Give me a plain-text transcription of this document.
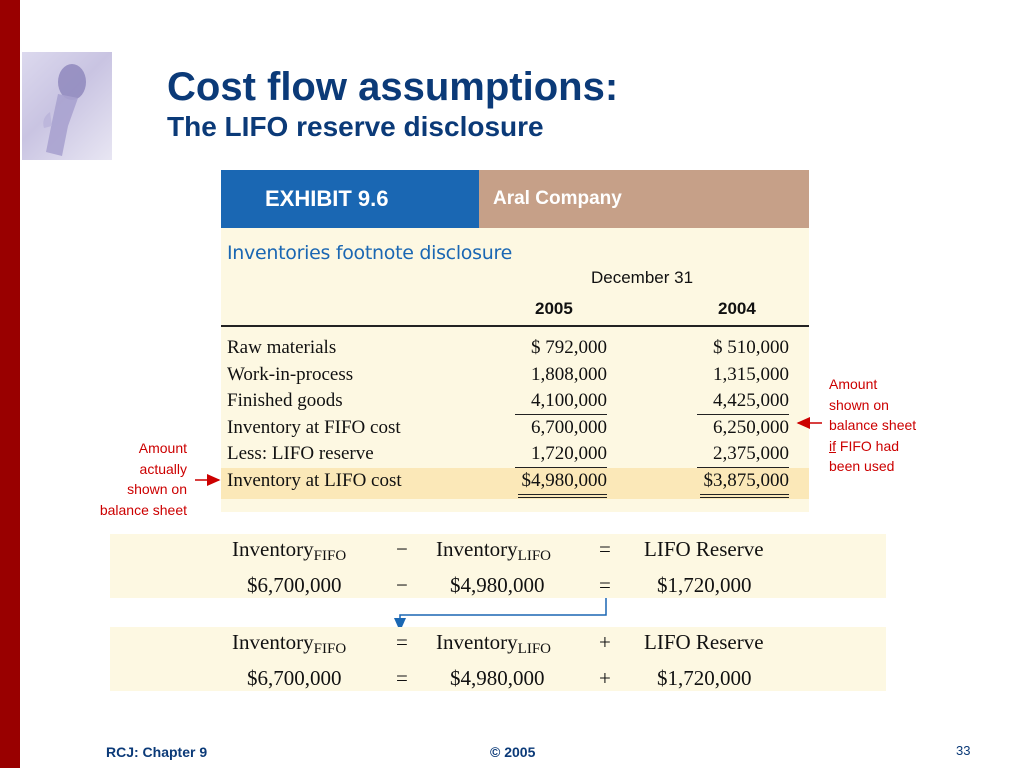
Cost flow assumptions:
The LIFO reserve disclosure
EXHIBIT 9.6	Aral Company
Inventories footnote disclosure
December 31
2005	2004
Raw materials	$ 792,000	$ 510,000
Work-in-process	1,808,000	1,315,000
Finished goods	4,100,000	4,425,000
Inventory at FIFO cost	6,700,000	6,250,000
Less: LIFO reserve	1,720,000	2,375,000
Inventory at LIFO cost	$4,980,000	$3,875,000
Amount
actually
shown on
balance sheet
Amount
shown on
balance sheet
if FIFO had
been used
Inventory$_{FIFO}$ − Inventory$_{LIFO}$ = LIFO Reserve
$6,700,000	− $4,980,000	= $1,720,000
Inventory$_{FIFO}$ = Inventory$_{LIFO}$ + LIFO Reserve
$6,700,000	= $4,980,000	+ $1,720,000
RCJ: Chapter 9	© 2005	33
